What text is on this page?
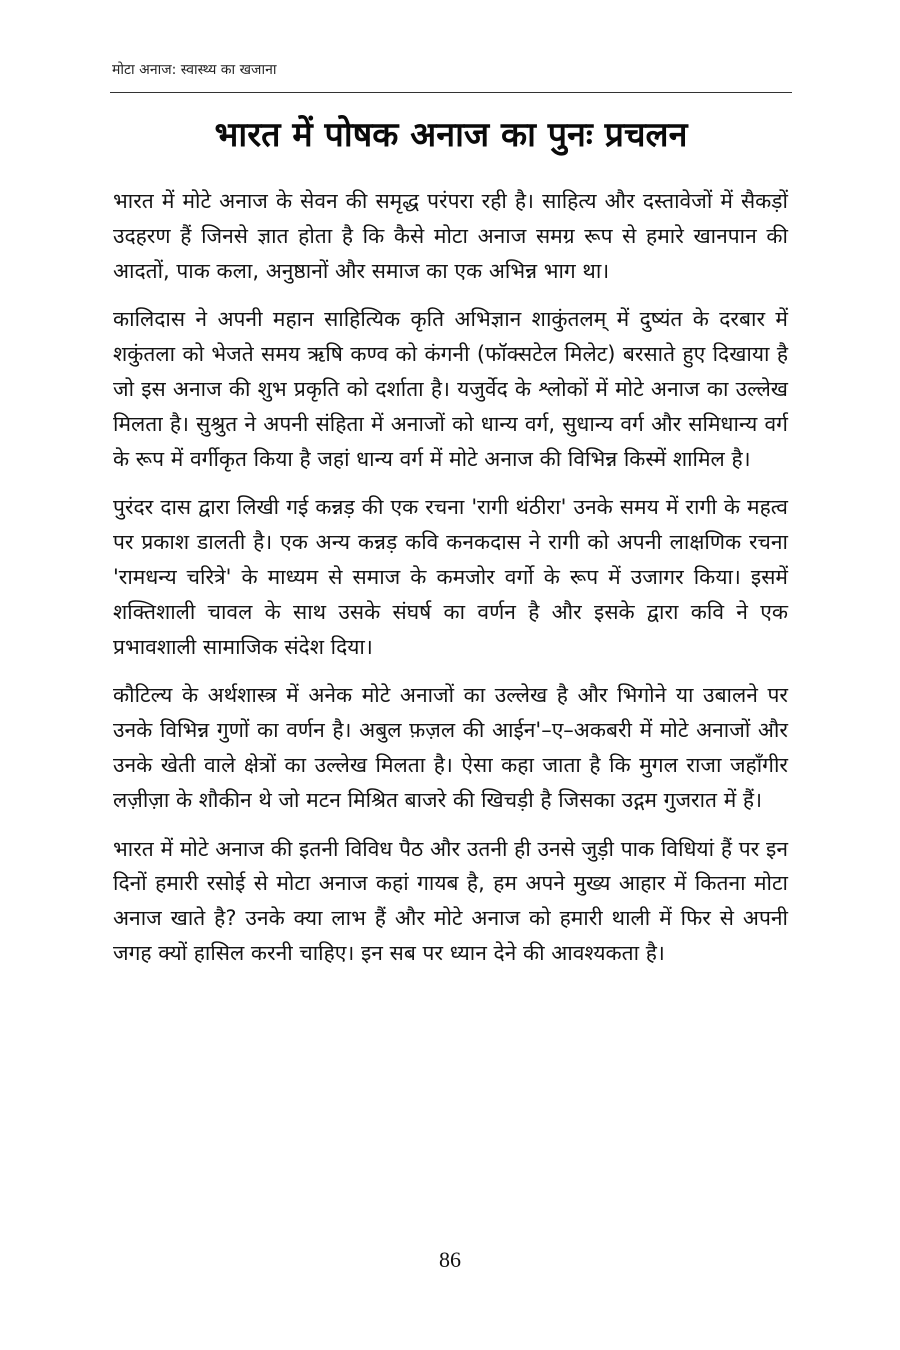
मोटा अनाज: स्वास्थ्य का खजाना
भारत में पोषक अनाज का पुनः प्रचलन

भारत में मोटे अनाज के सेवन की समृद्ध परंपरा रही है। साहित्य और दस्तावेजों में सैकड़ों उदहरण हैं जिनसे ज्ञात होता है कि कैसे मोटा अनाज समग्र रूप से हमारे खानपान की आदतों, पाक कला, अनुष्ठानों और समाज का एक अभिन्न भाग था।

कालिदास ने अपनी महान साहित्यिक कृति अभिज्ञान शाकुंतलम् में दुष्यंत के दरबार में शकुंतला को भेजते समय ऋषि कण्व को कंगनी (फॉक्सटेल मिलेट) बरसाते हुए दिखाया है जो इस अनाज की शुभ प्रकृति को दर्शाता है। यजुर्वेद के श्लोकों में मोटे अनाज का उल्लेख मिलता है। सुश्रुत ने अपनी संहिता में अनाजों को धान्य वर्ग, सुधान्य वर्ग और समिधान्य वर्ग के रूप में वर्गीकृत किया है जहां धान्य वर्ग में मोटे अनाज की विभिन्न किस्में शामिल है।

पुरंदर दास द्वारा लिखी गई कन्नड़ की एक रचना 'रागी थंठीरा' उनके समय में रागी के महत्व पर प्रकाश डालती है। एक अन्य कन्नड़ कवि कनकदास ने रागी को अपनी लाक्षणिक रचना 'रामधन्य चरित्रे' के माध्यम से समाज के कमजोर वर्गो के रूप में उजागर किया। इसमें शक्तिशाली चावल के साथ उसके संघर्ष का वर्णन है और इसके द्वारा कवि ने एक प्रभावशाली सामाजिक संदेश दिया।

कौटिल्य के अर्थशास्त्र में अनेक मोटे अनाजों का उल्लेख है और भिगोने या उबालने पर उनके विभिन्न गुणों का वर्णन है। अबुल फ़ज़ल की आईन'–ए–अकबरी में मोटे अनाजों और उनके खेती वाले क्षेत्रों का उल्लेख मिलता है। ऐसा कहा जाता है कि मुगल राजा जहाँगीर लज़ीज़ा के शौकीन थे जो मटन मिश्रित बाजरे की खिचड़ी है जिसका उद्गम गुजरात में हैं।

भारत में मोटे अनाज की इतनी विविध पैठ और उतनी ही उनसे जुड़ी पाक विधियां हैं पर इन दिनों हमारी रसोई से मोटा अनाज कहां गायब है, हम अपने मुख्य आहार में कितना मोटा अनाज खाते है? उनके क्या लाभ हैं और मोटे अनाज को हमारी थाली में फिर से अपनी जगह क्यों हासिल करनी चाहिए। इन सब पर ध्यान देने की आवश्यकता है।

86
